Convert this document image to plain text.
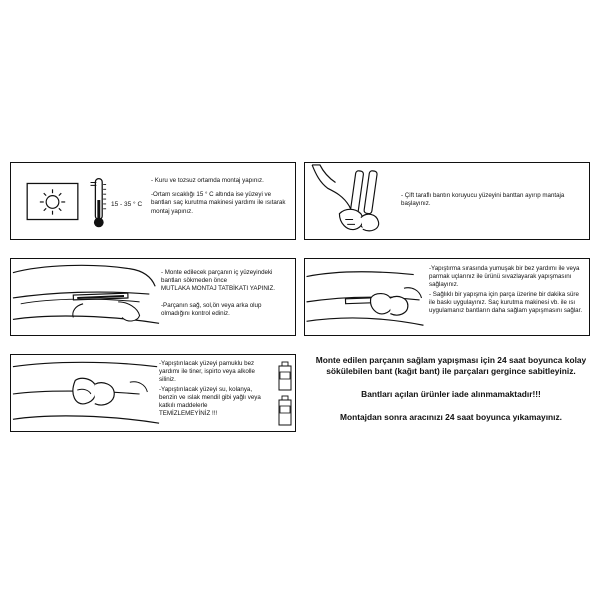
15 - 35 ° C

- Kuru ve tozsuz ortamda montaj yapınız.

-Ortam sıcaklığı 15 ° C altında ise yüzeyi ve bantları saç kurutma makinesi yardımı ile ısıtarak montaj yapınız.

- Çift taraflı bantın koruyucu yüzeyini banttan ayırıp mantaja başlayınız.

- Monte edilecek parçanın iç yüzeyindeki bantları sökmeden önce

MUTLAKA MONTAJ TATBİKATI YAPINIZ.

-Parçanın sağ, sol,ön veya arka olup olmadığını kontrol ediniz.

-Yapıştırma sırasında yumuşak bir bez yardımı ile veya parmak uçlarınız ile ürünü sıvazlayarak yapışmasını sağlayınız.

- Sağlıklı bir yapışma için parça üzerine bir dakika süre ile baskı uygulayınız. Saç kurutma makinesi vb. ile ısı uygulamanız bantların daha sağlam yapışmasını sağlar.

-Yapıştırılacak yüzeyi pamuklu bez yardımı ile tiner, ispirto veya alkolle siliniz.

-Yapıştırılacak yüzeyi su, kolanya, benzin ve ıslak mendil gibi yağlı veya katkılı maddelerle

TEMİZLEMEYİNİZ !!!

Monte edilen parçanın sağlam yapışması için 24 saat boyunca kolay sökülebilen bant (kağıt bant) ile parçaları gergince sabitleyiniz.

Bantları açılan ürünler iade alınmamaktadır!!!

Montajdan sonra aracınızı 24 saat boyunca yıkamayınız.
